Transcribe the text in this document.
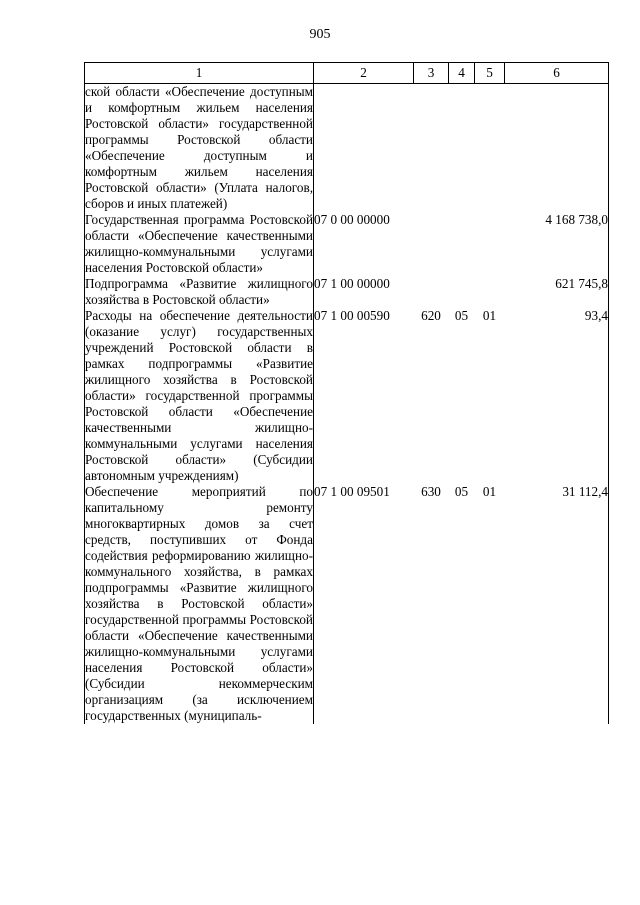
905
1	2	3	4	5	6
ской области «Обеспечение доступным и комфортным жильем населения Ростовской области» государственной программы Ростовской области «Обеспечение доступным и комфортным жильем населения Ростовской области» (Уплата налогов, сборов и иных платежей)					
Государственная программа Ростовской области «Обеспечение качественными жилищно-коммунальными услугами населения Ростовской области»	07 0 00 00000				4 168 738,0
Подпрограмма «Развитие жилищного хозяйства в Ростовской области»	07 1 00 00000				621 745,8
Расходы на обеспечение деятельности (оказание услуг) государственных учреждений Ростовской области в рамках подпрограммы «Развитие жилищного хозяйства в Ростовской области» государственной программы Ростовской области «Обеспечение качественными жилищно-коммунальными услугами населения Ростовской области» (Субсидии автономным учреждениям)	07 1 00 00590	620	05	01	93,4
Обеспечение мероприятий по капитальному ремонту многоквартирных домов за счет средств, поступивших от Фонда содействия реформированию жилищно-коммунального хозяйства, в рамках подпрограммы «Развитие жилищного хозяйства в Ростовской области» государственной программы Ростовской области «Обеспечение качественными жилищно-коммунальными услугами населения Ростовской области» (Субсидии некоммерческим организациям (за исключением государственных (муниципаль-	07 1 00 09501	630	05	01	31 112,4
